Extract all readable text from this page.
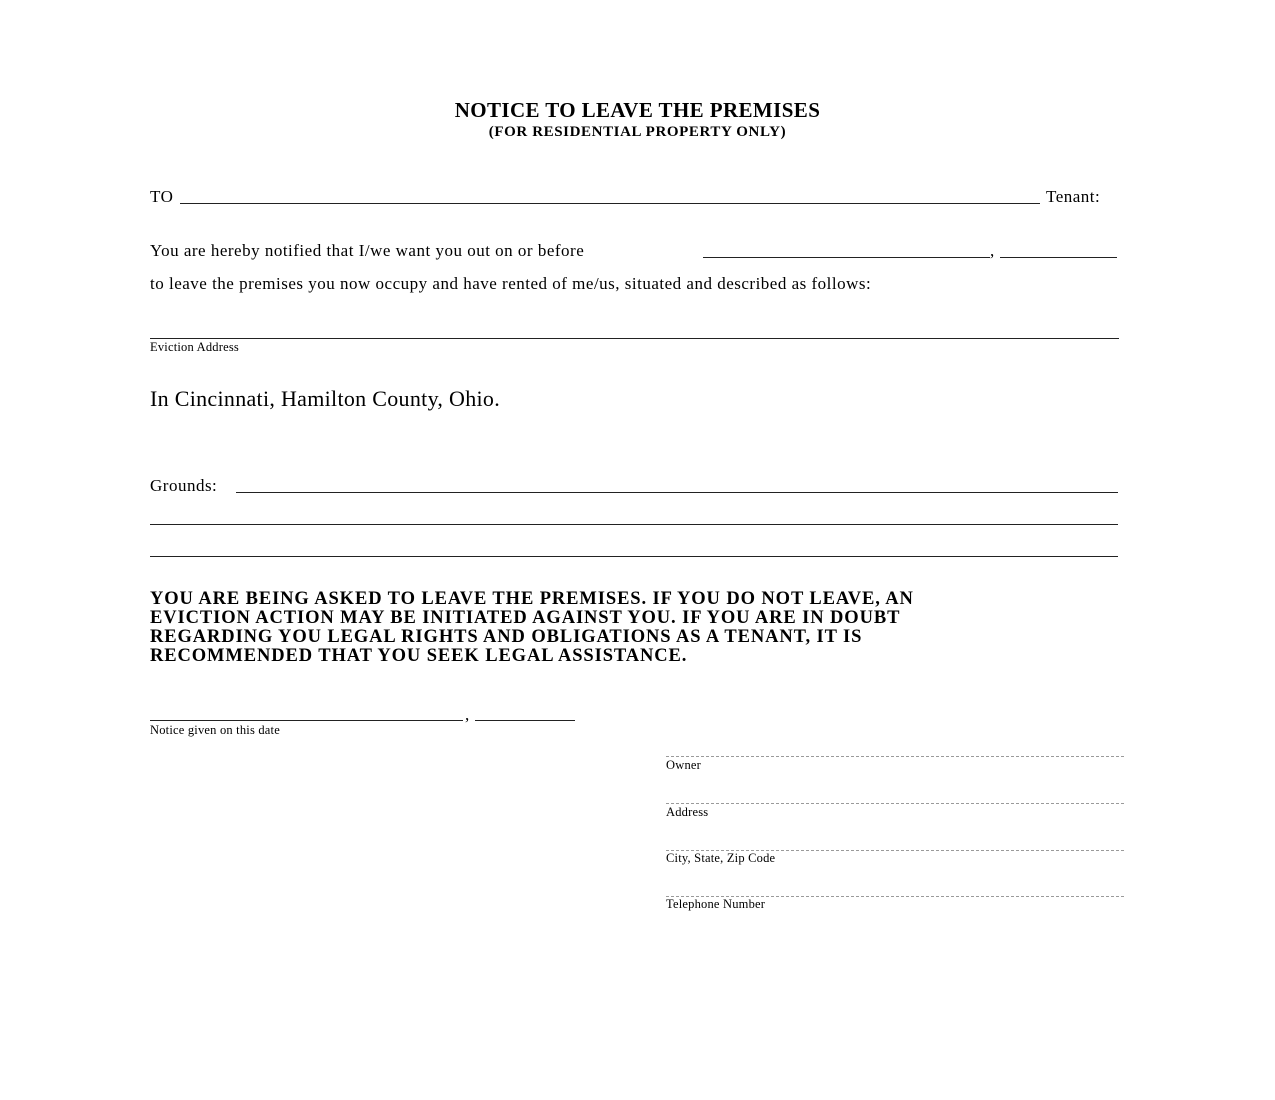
NOTICE TO LEAVE THE PREMISES
(FOR RESIDENTIAL PROPERTY ONLY)
TO	Tenant:
You are hereby notified that I/we want you out on or before	,
to leave the premises you now occupy and have rented of me/us, situated and described as follows:
Eviction Address
In Cincinnati, Hamilton County, Ohio.
Grounds:
YOU ARE BEING ASKED TO LEAVE THE PREMISES. IF YOU DO NOT LEAVE, AN
EVICTION ACTION MAY BE INITIATED AGAINST YOU. IF YOU ARE IN DOUBT
REGARDING YOU LEGAL RIGHTS AND OBLIGATIONS AS A TENANT, IT IS
RECOMMENDED THAT YOU SEEK LEGAL ASSISTANCE.
,
Notice given on this date
Owner
Address
City, State, Zip Code
Telephone Number
